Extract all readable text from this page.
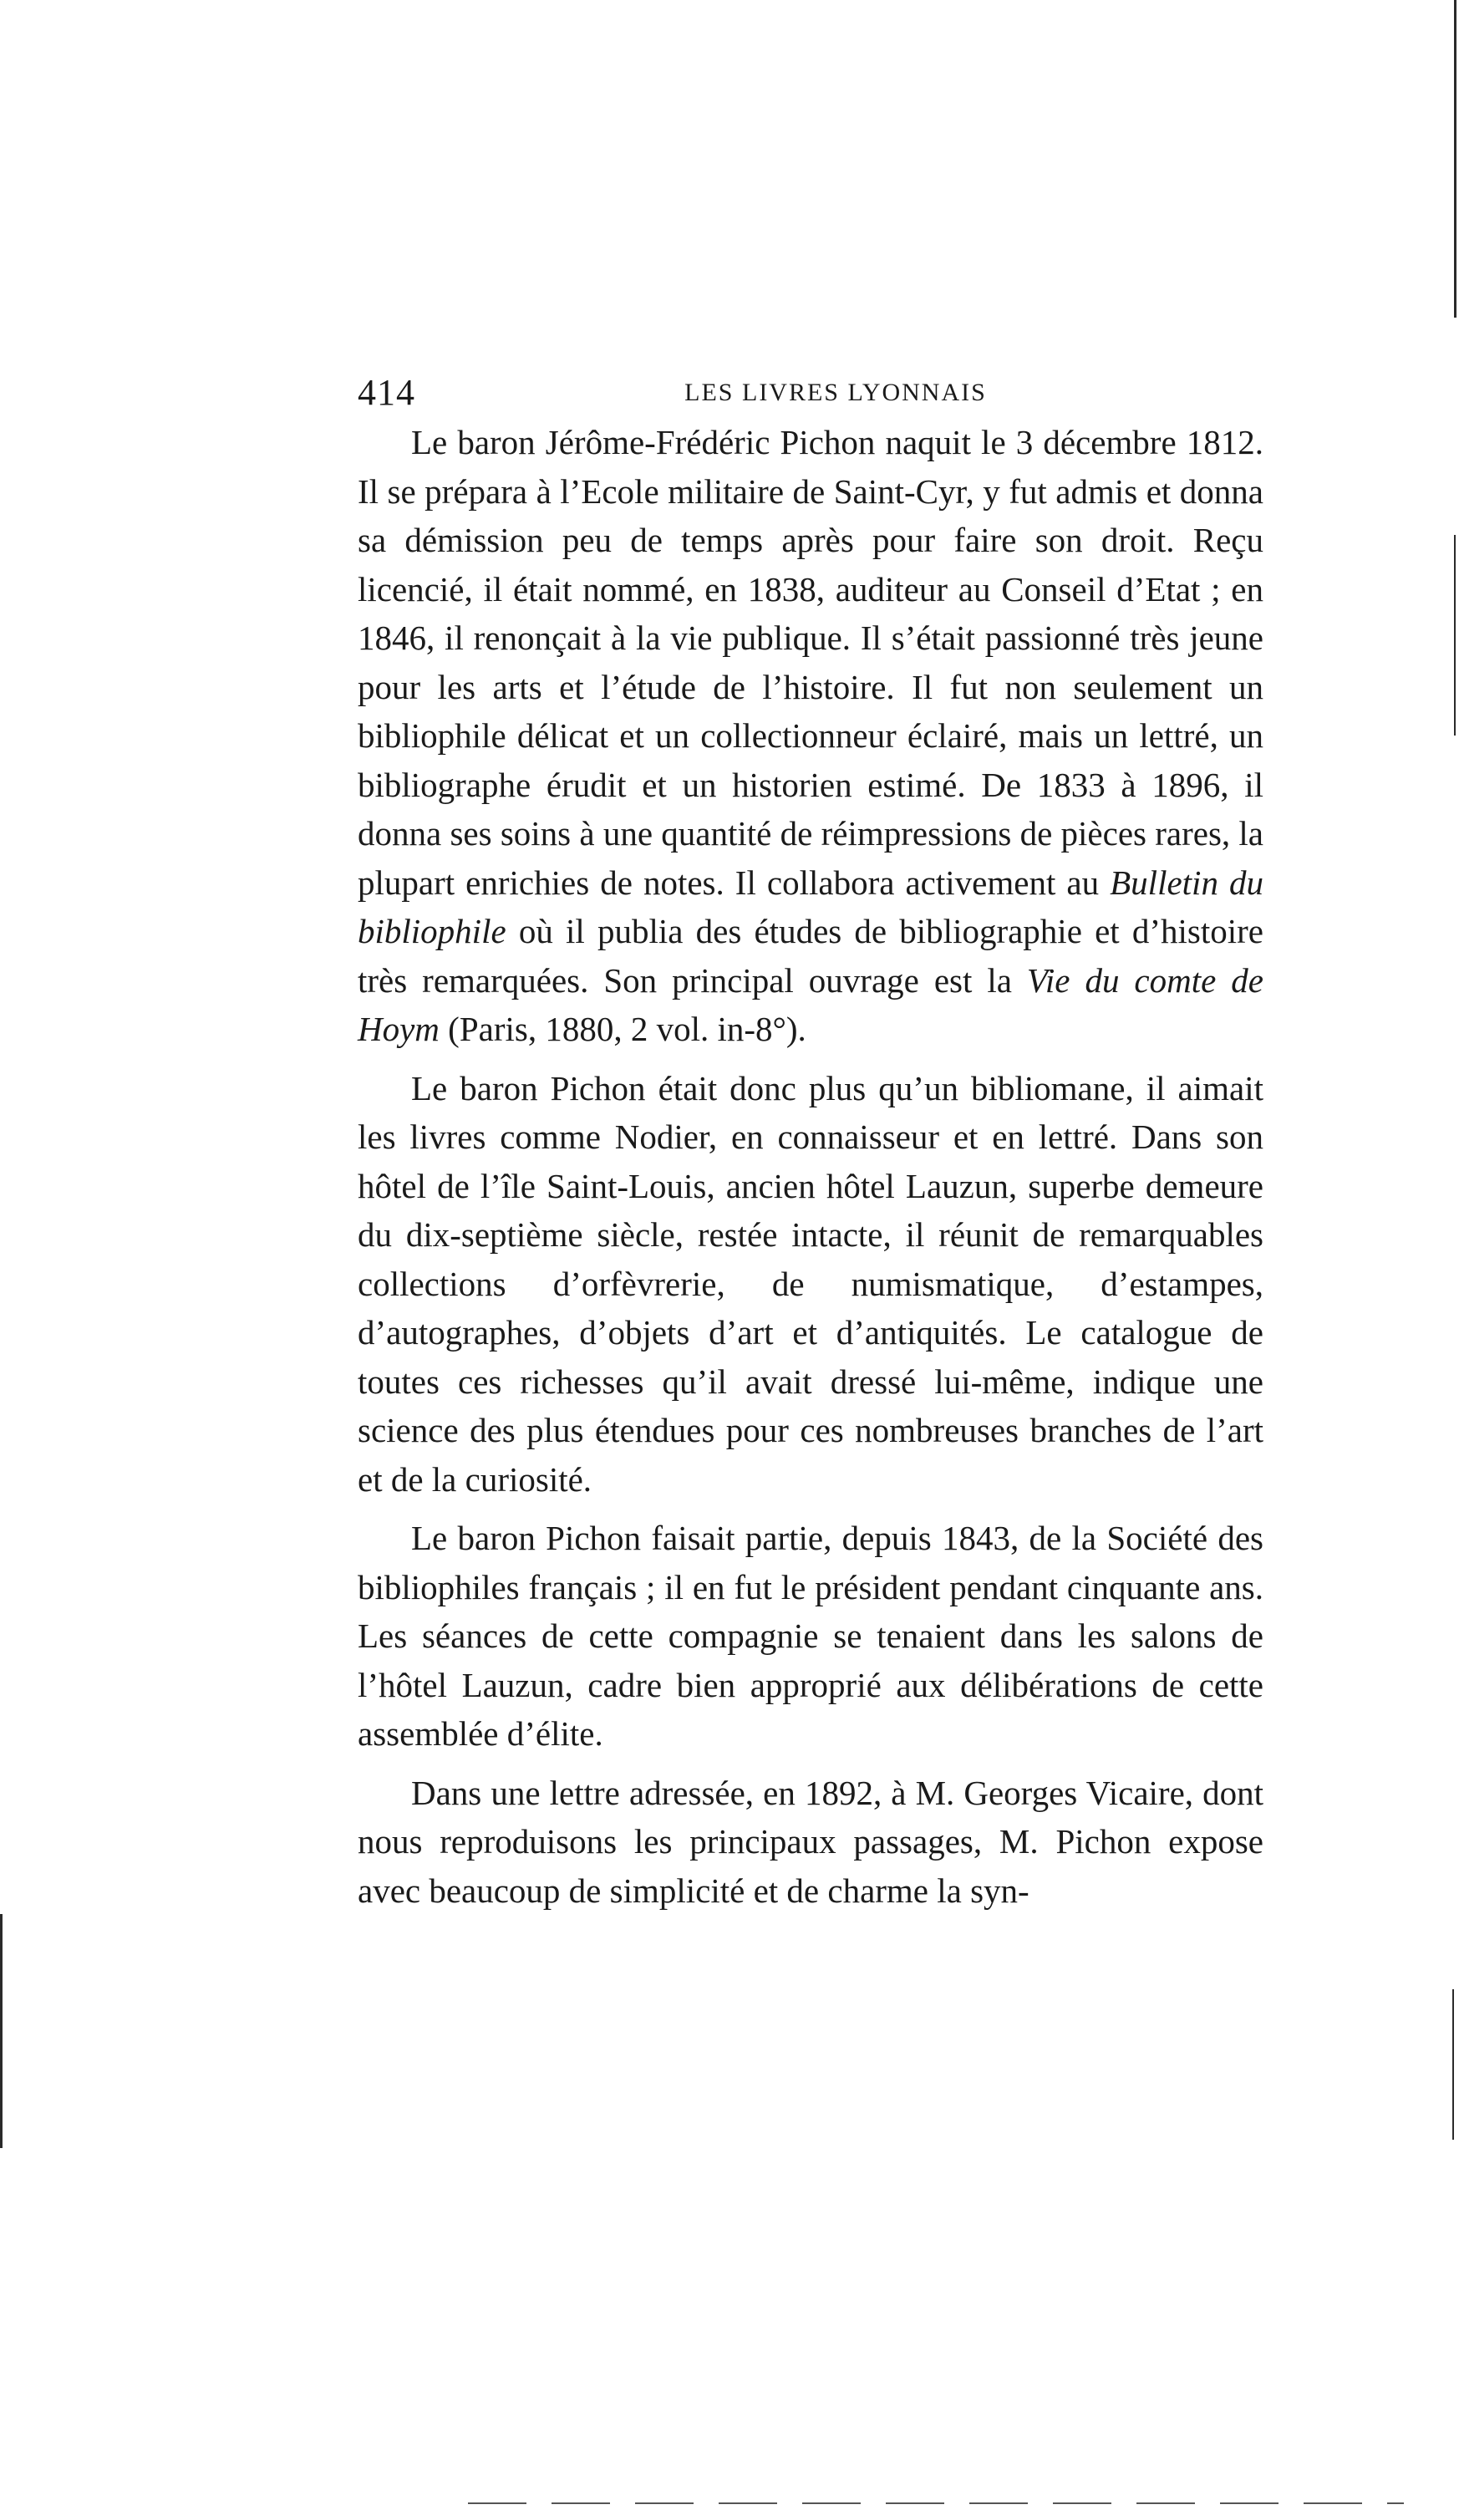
414	LES LIVRES LYONNAIS

Le baron Jérôme-Frédéric Pichon naquit le 3 décembre 1812. Il se prépara à l’Ecole militaire de Saint-Cyr, y fut admis et donna sa démission peu de temps après pour faire son droit. Reçu licencié, il était nommé, en 1838, auditeur au Conseil d’Etat ; en 1846, il renonçait à la vie publique. Il s’était passionné très jeune pour les arts et l’étude de l’histoire. Il fut non seulement un bibliophile délicat et un collectionneur éclairé, mais un lettré, un bibliographe érudit et un historien estimé. De 1833 à 1896, il donna ses soins à une quantité de réimpressions de pièces rares, la plupart enrichies de notes. Il collabora activement au Bulletin du bibliophile où il publia des études de bibliographie et d’histoire très remarquées. Son principal ouvrage est la Vie du comte de Hoym (Paris, 1880, 2 vol. in-8°).

Le baron Pichon était donc plus qu’un bibliomane, il aimait les livres comme Nodier, en connaisseur et en lettré. Dans son hôtel de l’île Saint-Louis, ancien hôtel Lauzun, superbe demeure du dix-septième siècle, restée intacte, il réunit de remarquables collections d’orfèvrerie, de numismatique, d’estampes, d’autographes, d’objets d’art et d’antiquités. Le catalogue de toutes ces richesses qu’il avait dressé lui-même, indique une science des plus étendues pour ces nombreuses branches de l’art et de la curiosité.

Le baron Pichon faisait partie, depuis 1843, de la Société des bibliophiles français ; il en fut le président pendant cinquante ans. Les séances de cette compagnie se tenaient dans les salons de l’hôtel Lauzun, cadre bien approprié aux délibérations de cette assemblée d’élite.

Dans une lettre adressée, en 1892, à M. Georges Vicaire, dont nous reproduisons les principaux passages, M. Pichon expose avec beaucoup de simplicité et de charme la syn-
